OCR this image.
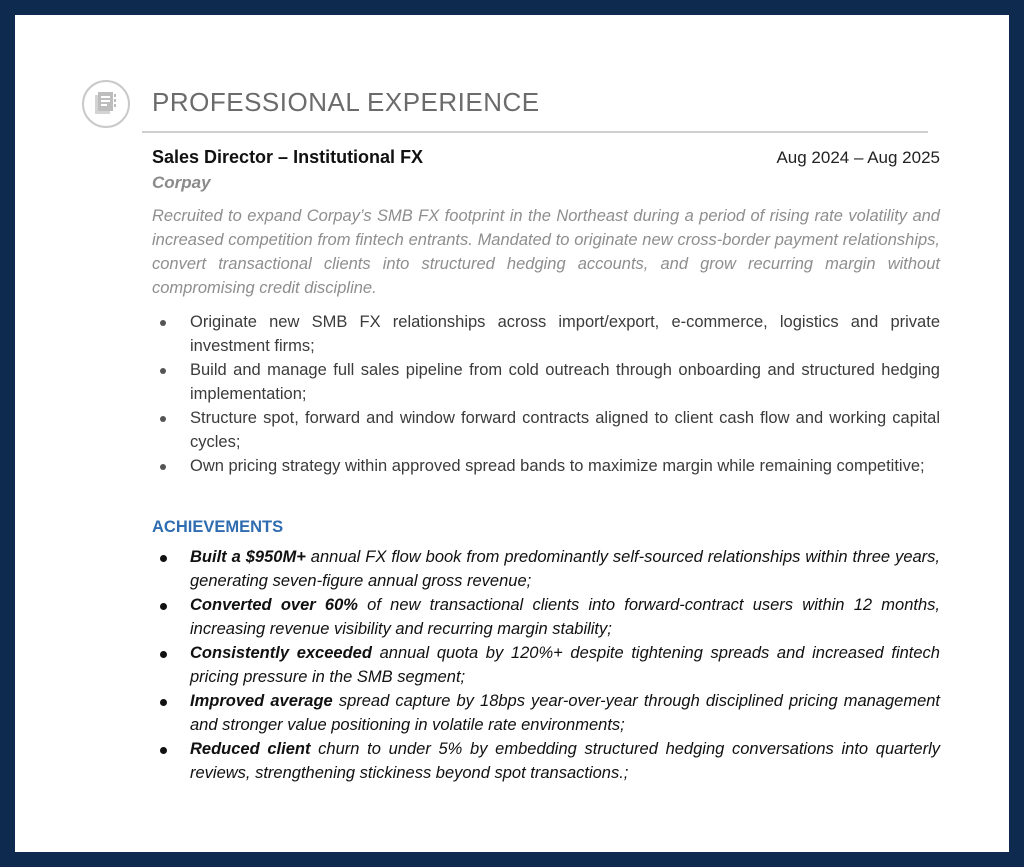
PROFESSIONAL EXPERIENCE
Sales Director – Institutional FX	Aug 2024 – Aug 2025
Corpay

Recruited to expand Corpay’s SMB FX footprint in the Northeast during a period of rising rate volatility and increased competition from fintech entrants. Mandated to originate new cross-border payment relationships, convert transactional clients into structured hedging accounts, and grow recurring margin without compromising credit discipline.

Originate new SMB FX relationships across import/export, e-commerce, logistics and private investment firms;
Build and manage full sales pipeline from cold outreach through onboarding and structured hedging implementation;
Structure spot, forward and window forward contracts aligned to client cash flow and working capital cycles;
Own pricing strategy within approved spread bands to maximize margin while remaining competitive;
ACHIEVEMENTS
Built a $950M+ annual FX flow book from predominantly self-sourced relationships within three years, generating seven-figure annual gross revenue;
Converted over 60% of new transactional clients into forward-contract users within 12 months, increasing revenue visibility and recurring margin stability;
Consistently exceeded annual quota by 120%+ despite tightening spreads and increased fintech pricing pressure in the SMB segment;
Improved average spread capture by 18bps year-over-year through disciplined pricing management and stronger value positioning in volatile rate environments;
Reduced client churn to under 5% by embedding structured hedging conversations into quarterly reviews, strengthening stickiness beyond spot transactions.;
